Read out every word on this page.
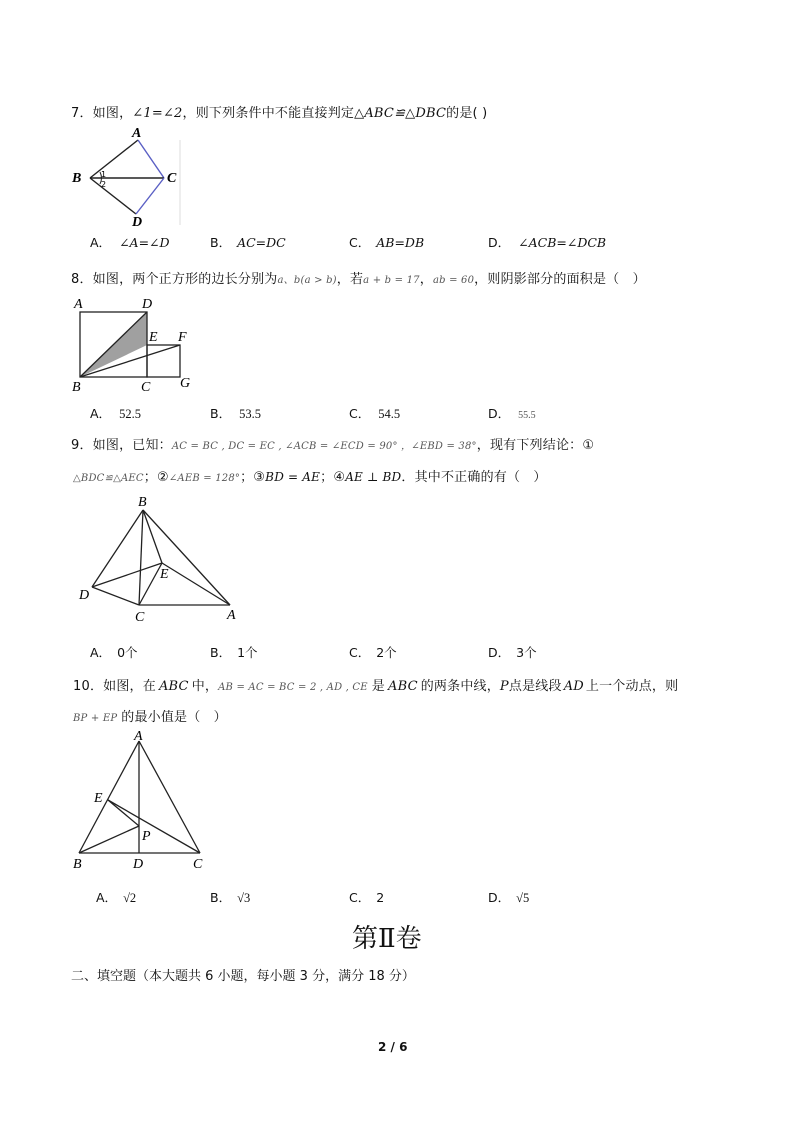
7．如图，∠1=∠2，则下列条件中不能直接判定△ABC≌△DBC的是( )
A
B	C
D
1
2
A． ∠A=∠D	B． AC=DC	C． AB=DB	D． ∠ACB=∠DCB
8．如图，两个正方形的边长分别为a、b(a > b)，若a + b = 17，ab = 60，则阴影部分的面积是（　）
A	D
E F
B	C G
A． 52.5	B． 53.5	C． 54.5	D． 55.5
9．如图，已知：AC = BC , DC = EC , ∠ACB = ∠ECD = 90° ，∠EBD = 38°，现有下列结论：①
△BDC≌△AEC；②∠AEB = 128°；③BD = AE；④AE ⊥ BD．其中不正确的有（　）
B
E
D
C	A
A． 0个	B． 1个	C． 2个	D． 3个
10．如图，在 ABC 中，AB = AC = BC = 2 , AD , CE 是 ABC 的两条中线，P点是线段 AD 上一个动点，则
BP + EP 的最小值是（　）
A
E
P
B	D	C
A． √2	B． √3	C． 2	D． √5
第Ⅱ卷
二、填空题（本大题共 6 小题，每小题 3 分，满分 18 分）
2 / 6
